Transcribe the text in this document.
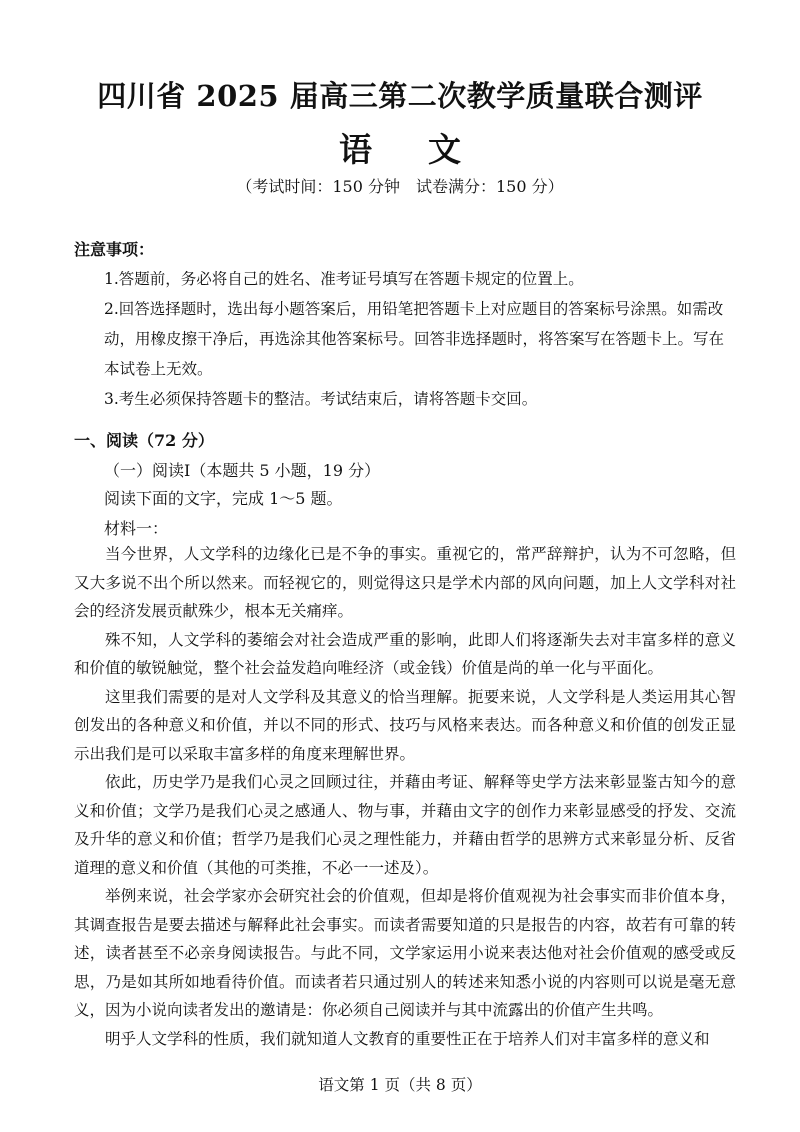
四川省 2025 届高三第二次教学质量联合测评
语 文
（考试时间：150 分钟　试卷满分：150 分）
注意事项：

1.答题前，务必将自己的姓名、准考证号填写在答题卡规定的位置上。

2.回答选择题时，选出每小题答案后，用铅笔把答题卡上对应题目的答案标号涂黑。如需改动，用橡皮擦干净后，再选涂其他答案标号。回答非选择题时，将答案写在答题卡上。写在本试卷上无效。

3.考生必须保持答题卡的整洁。考试结束后，请将答题卡交回。

一、阅读（72 分）
（一）阅读Ⅰ（本题共 5 小题，19 分）
阅读下面的文字，完成 1～5 题。
材料一：

当今世界，人文学科的边缘化已是不争的事实。重视它的，常严辞辩护，认为不可忽略，但又大多说不出个所以然来。而轻视它的，则觉得这只是学术内部的风向问题，加上人文学科对社会的经济发展贡献殊少，根本无关痛痒。

殊不知，人文学科的萎缩会对社会造成严重的影响，此即人们将逐渐失去对丰富多样的意义和价值的敏锐触觉，整个社会益发趋向唯经济（或金钱）价值是尚的单一化与平面化。

这里我们需要的是对人文学科及其意义的恰当理解。扼要来说，人文学科是人类运用其心智创发出的各种意义和价值，并以不同的形式、技巧与风格来表达。而各种意义和价值的创发正显示出我们是可以采取丰富多样的角度来理解世界。

依此，历史学乃是我们心灵之回顾过往，并藉由考证、解释等史学方法来彰显鉴古知今的意义和价值；文学乃是我们心灵之感通人、物与事，并藉由文字的创作力来彰显感受的抒发、交流及升华的意义和价值；哲学乃是我们心灵之理性能力，并藉由哲学的思辨方式来彰显分析、反省道理的意义和价值（其他的可类推，不必一一述及）。

举例来说，社会学家亦会研究社会的价值观，但却是将价值观视为社会事实而非价值本身，其调查报告是要去描述与解释此社会事实。而读者需要知道的只是报告的内容，故若有可靠的转述，读者甚至不必亲身阅读报告。与此不同，文学家运用小说来表达他对社会价值观的感受或反思，乃是如其所如地看待价值。而读者若只通过别人的转述来知悉小说的内容则可以说是毫无意义，因为小说向读者发出的邀请是：你必须自己阅读并与其中流露出的价值产生共鸣。

明乎人文学科的性质，我们就知道人文教育的重要性正在于培养人们对丰富多样的意义和

语文第 1 页（共 8 页）
